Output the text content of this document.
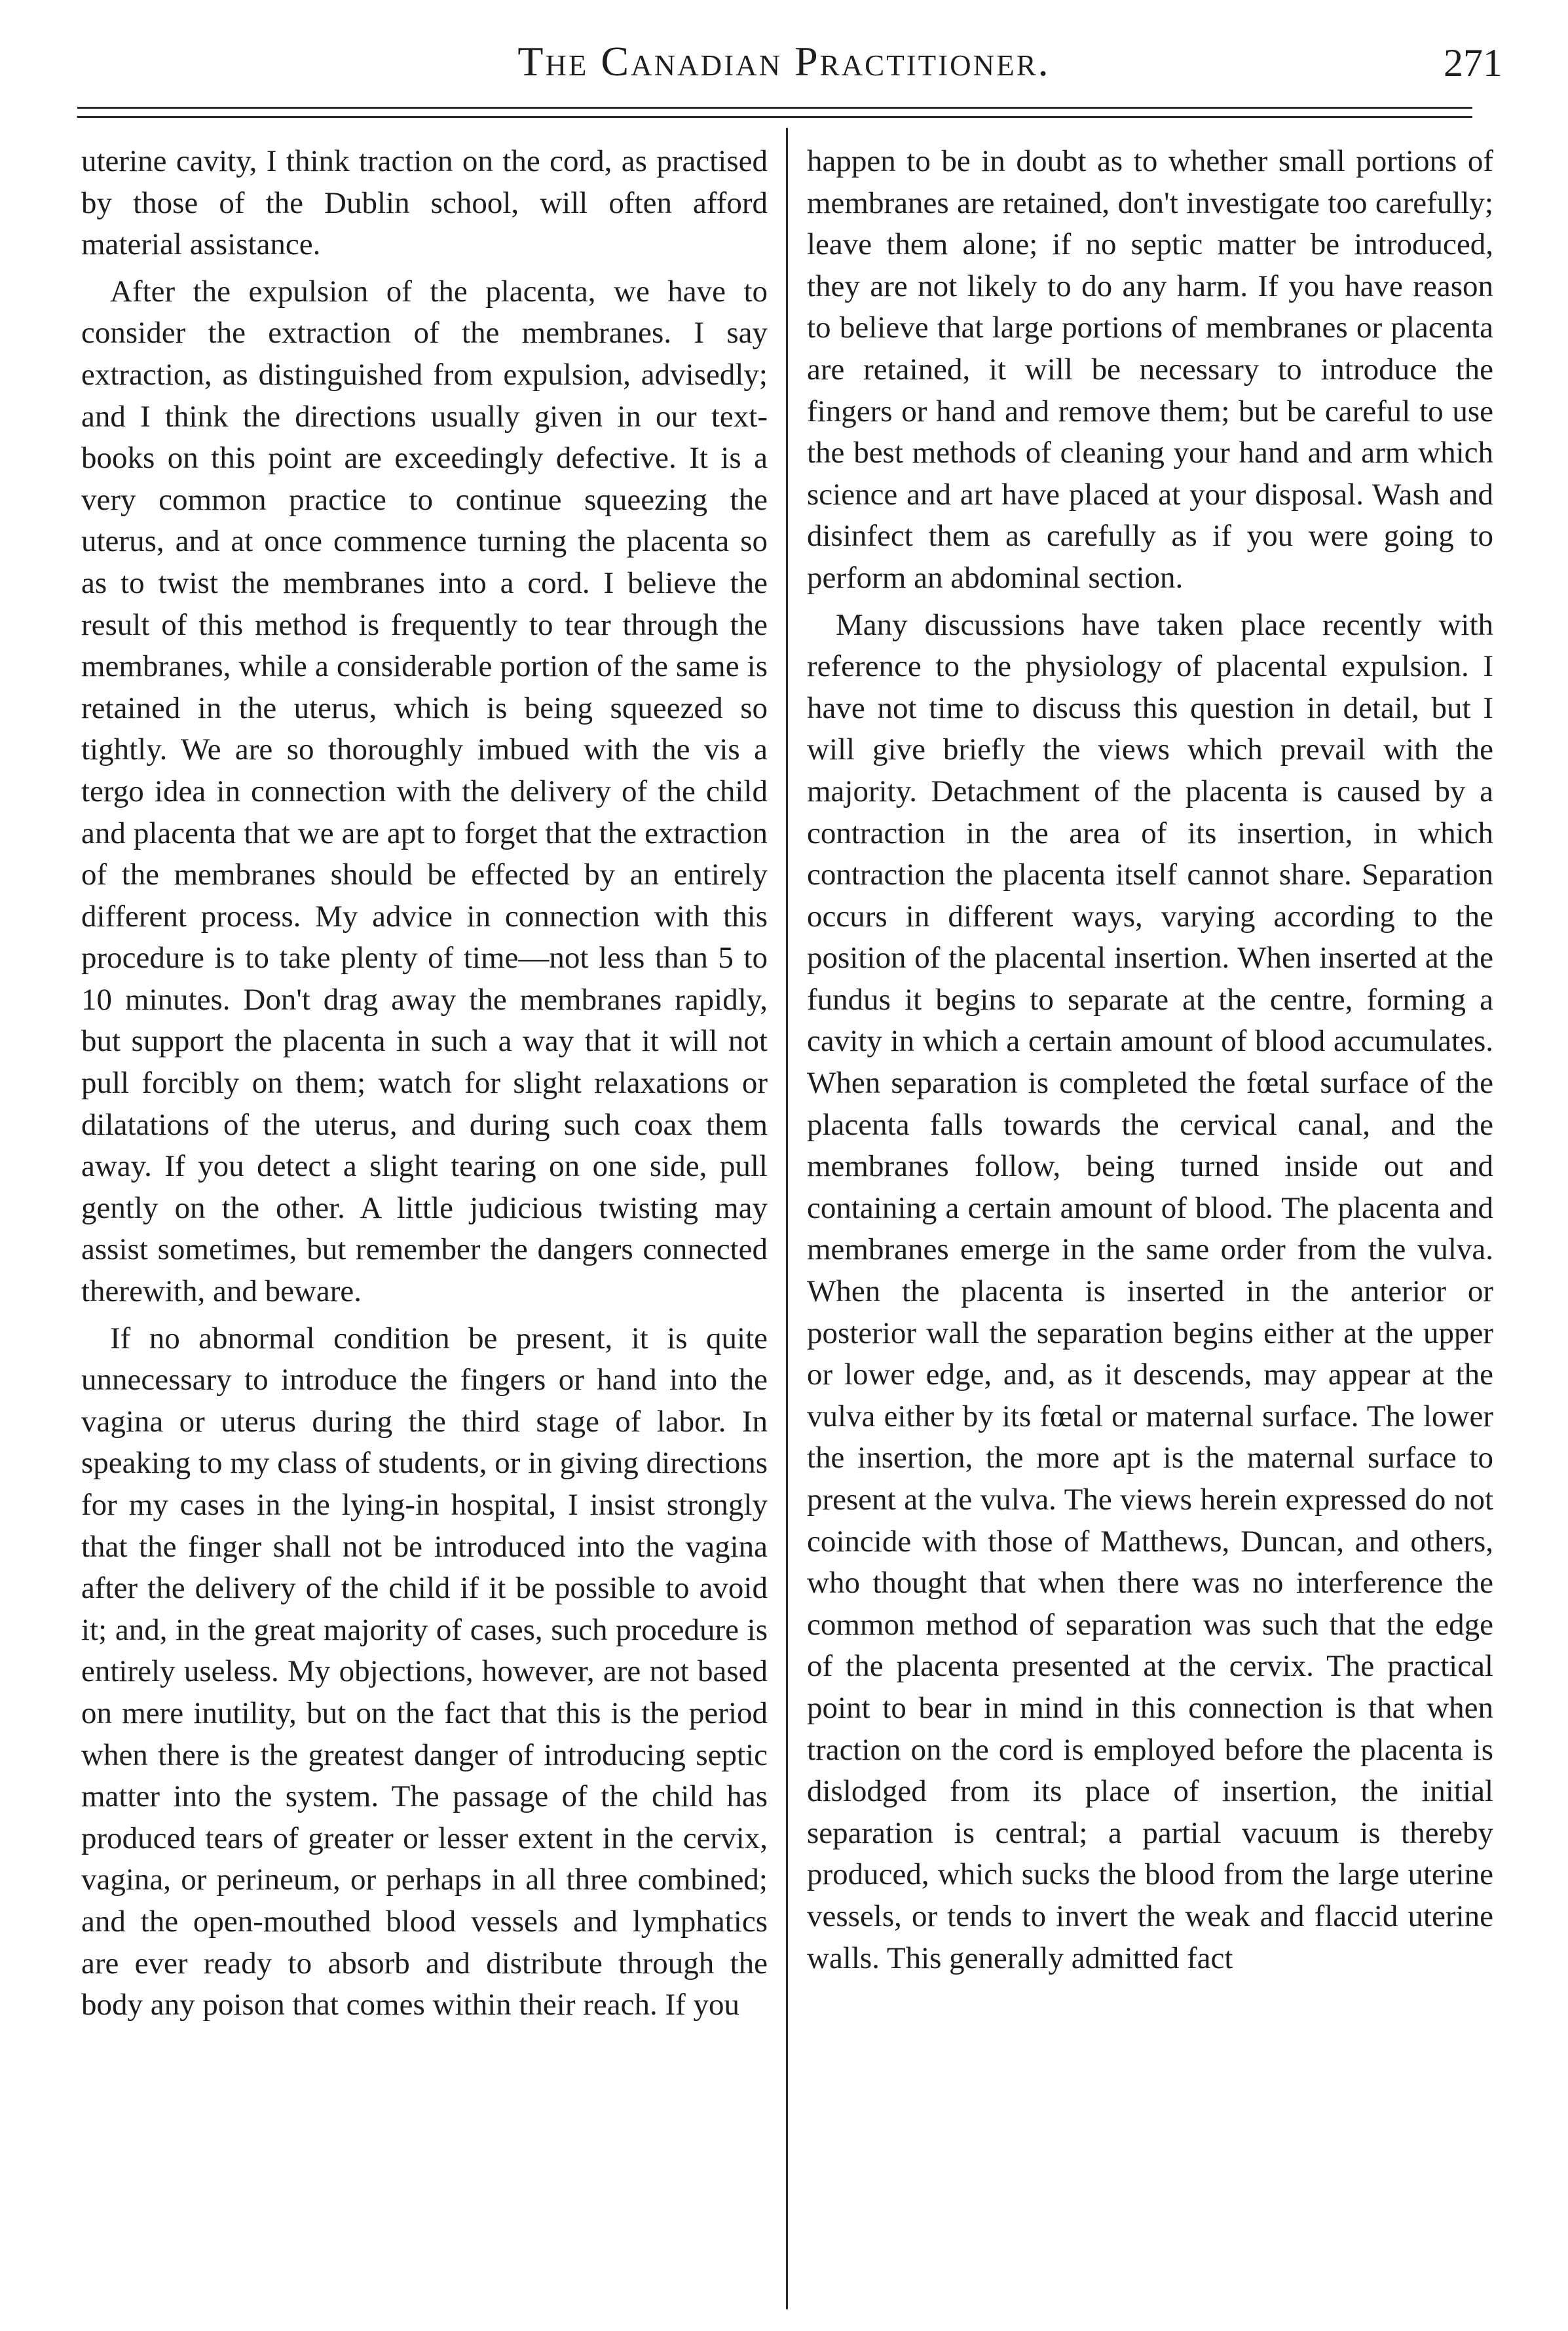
The Canadian Practitioner.	271

uterine cavity, I think traction on the cord, as practised by those of the Dublin school, will often afford material assistance.

After the expulsion of the placenta, we have to consider the extraction of the membranes. I say extraction, as distinguished from expulsion, advisedly; and I think the directions usually given in our text-books on this point are exceedingly defective. It is a very common practice to continue squeezing the uterus, and at once commence turning the placenta so as to twist the membranes into a cord. I believe the result of this method is frequently to tear through the membranes, while a considerable portion of the same is retained in the uterus, which is being squeezed so tightly. We are so thoroughly imbued with the vis a tergo idea in connection with the delivery of the child and placenta that we are apt to forget that the extraction of the membranes should be effected by an entirely different process. My advice in connection with this procedure is to take plenty of time—not less than 5 to 10 minutes. Don't drag away the membranes rapidly, but support the placenta in such a way that it will not pull forcibly on them; watch for slight relaxations or dilatations of the uterus, and during such coax them away. If you detect a slight tearing on one side, pull gently on the other. A little judicious twisting may assist sometimes, but remember the dangers connected therewith, and beware.

If no abnormal condition be present, it is quite unnecessary to introduce the fingers or hand into the vagina or uterus during the third stage of labor. In speaking to my class of students, or in giving directions for my cases in the lying-in hospital, I insist strongly that the finger shall not be introduced into the vagina after the delivery of the child if it be possible to avoid it; and, in the great majority of cases, such procedure is entirely useless. My objections, however, are not based on mere inutility, but on the fact that this is the period when there is the greatest danger of introducing septic matter into the system. The passage of the child has produced tears of greater or lesser extent in the cervix, vagina, or perineum, or perhaps in all three combined; and the open-mouthed blood vessels and lymphatics are ever ready to absorb and distribute through the body any poison that comes within their reach. If you

happen to be in doubt as to whether small portions of membranes are retained, don't investigate too carefully; leave them alone; if no septic matter be introduced, they are not likely to do any harm. If you have reason to believe that large portions of membranes or placenta are retained, it will be necessary to introduce the fingers or hand and remove them; but be careful to use the best methods of cleaning your hand and arm which science and art have placed at your disposal. Wash and disinfect them as carefully as if you were going to perform an abdominal section.

Many discussions have taken place recently with reference to the physiology of placental expulsion. I have not time to discuss this question in detail, but I will give briefly the views which prevail with the majority. Detachment of the placenta is caused by a contraction in the area of its insertion, in which contraction the placenta itself cannot share. Separation occurs in different ways, varying according to the position of the placental insertion. When inserted at the fundus it begins to separate at the centre, forming a cavity in which a certain amount of blood accumulates. When separation is completed the fœtal surface of the placenta falls towards the cervical canal, and the membranes follow, being turned inside out and containing a certain amount of blood. The placenta and membranes emerge in the same order from the vulva. When the placenta is inserted in the anterior or posterior wall the separation begins either at the upper or lower edge, and, as it descends, may appear at the vulva either by its fœtal or maternal surface. The lower the insertion, the more apt is the maternal surface to present at the vulva. The views herein expressed do not coincide with those of Matthews, Duncan, and others, who thought that when there was no interference the common method of separation was such that the edge of the placenta presented at the cervix. The practical point to bear in mind in this connection is that when traction on the cord is employed before the placenta is dislodged from its place of insertion, the initial separation is central; a partial vacuum is thereby produced, which sucks the blood from the large uterine vessels, or tends to invert the weak and flaccid uterine walls. This generally admitted fact
